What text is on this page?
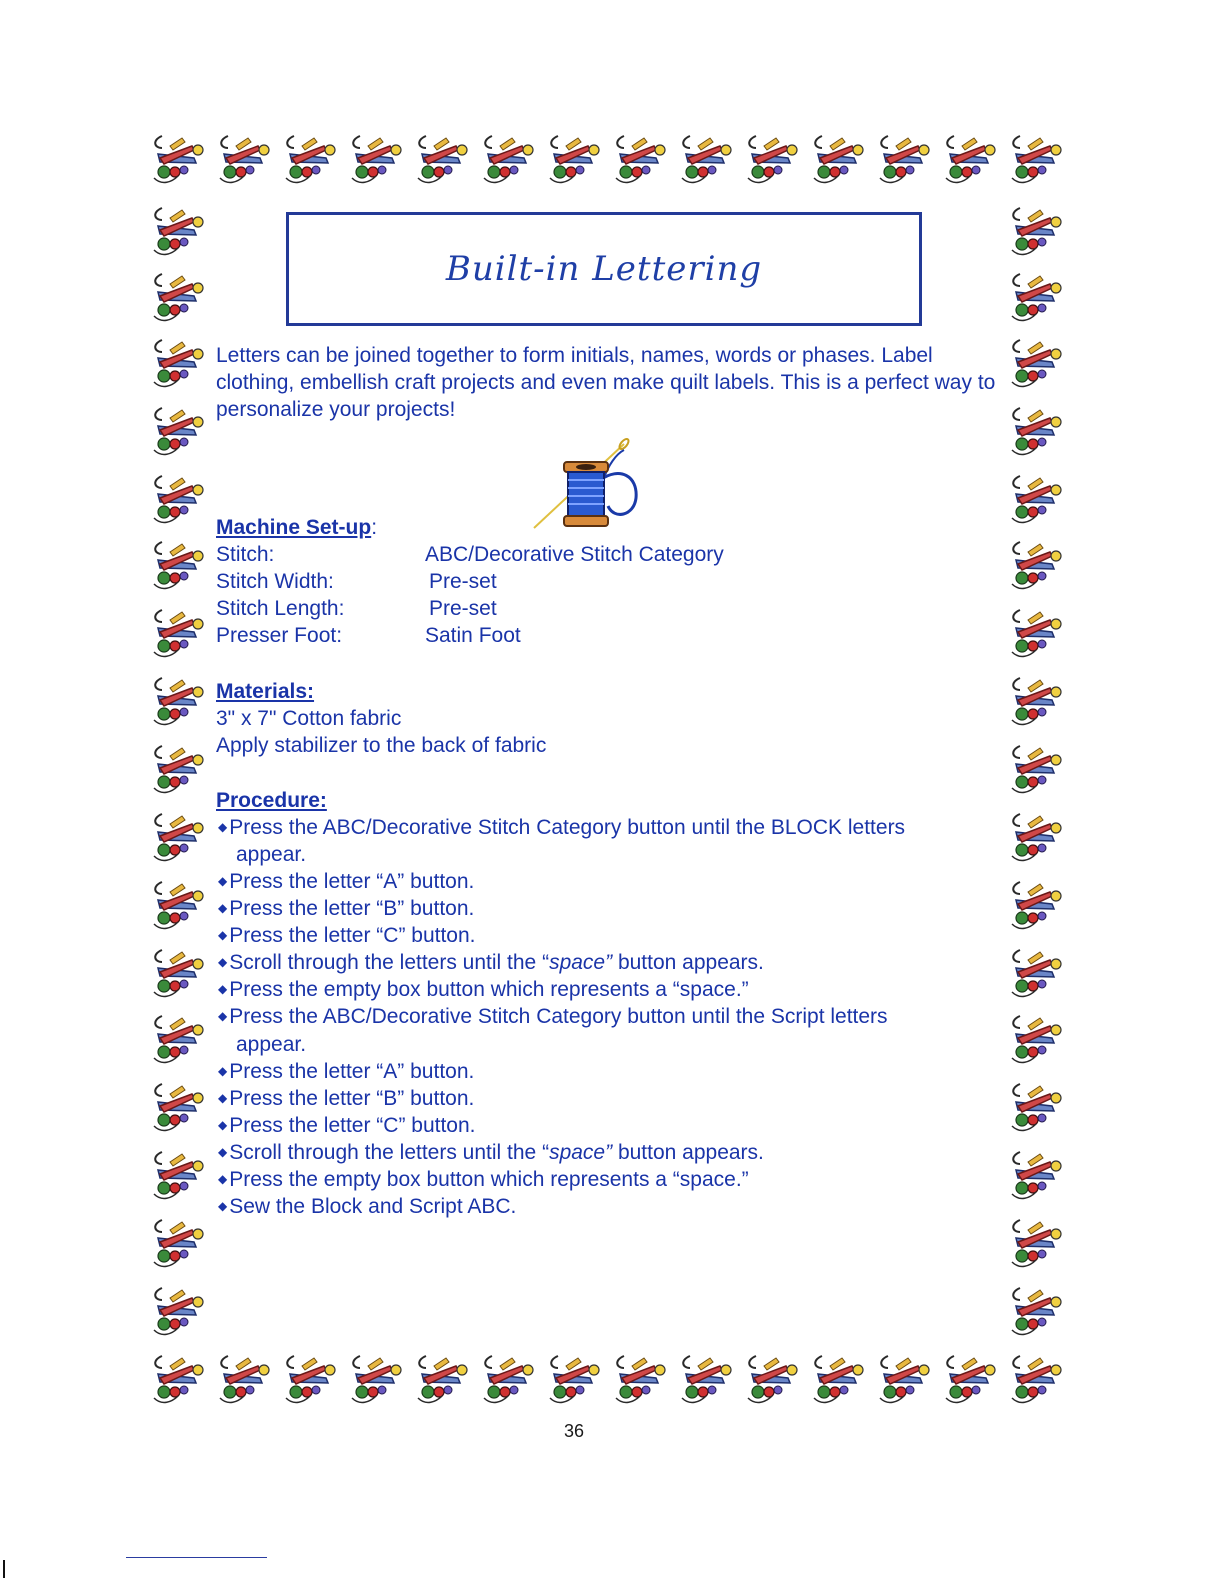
Built-in Lettering
Letters can be joined together to form initials, names, words or phases. Label clothing, embellish craft projects and even make quilt labels. This is a perfect way to personalize your projects!
Machine Set-up:
Stitch:	ABC/Decorative Stitch Category
Stitch Width:	Pre-set
Stitch Length:	Pre-set
Presser Foot:	Satin Foot
Materials:
3" x 7" Cotton fabric
Apply stabilizer to the back of fabric
Procedure:
◆Press the ABC/Decorative Stitch Category button until the BLOCK letters
appear.
◆Press the letter “A” button.
◆Press the letter “B” button.
◆Press the letter “C” button.
◆Scroll through the letters until the “space” button appears.
◆Press the empty box button which represents a “space.”
◆Press the ABC/Decorative Stitch Category button until the Script letters
appear.
◆Press the letter “A” button.
◆Press the letter “B” button.
◆Press the letter “C” button.
◆Scroll through the letters until the “space” button appears.
◆Press the empty box button which represents a “space.”
◆Sew the Block and Script ABC.
36
